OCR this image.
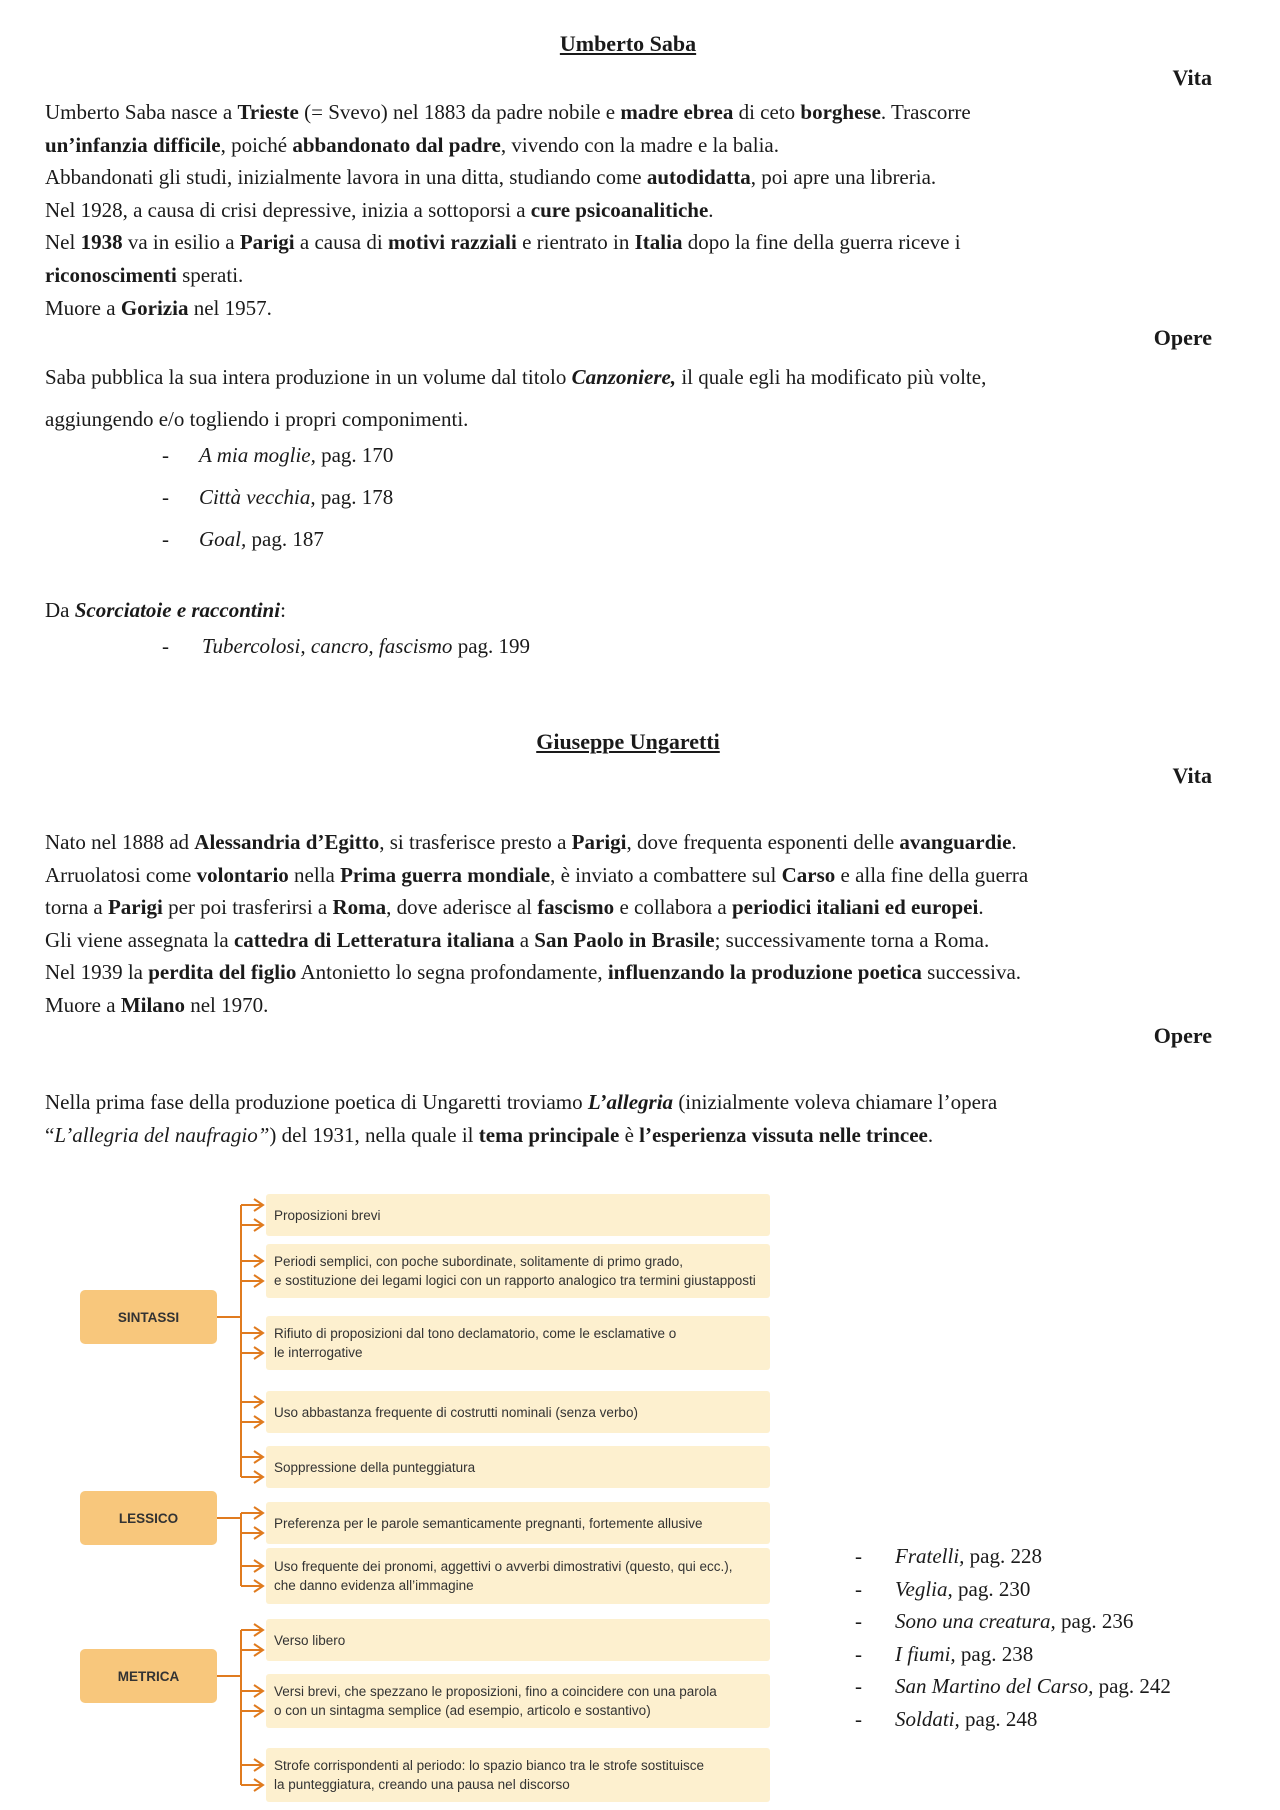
Umberto Saba
Vita

Umberto Saba nasce a Trieste (= Svevo) nel 1883 da padre nobile e madre ebrea di ceto borghese. Trascorre

un’infanzia difficile, poiché abbandonato dal padre, vivendo con la madre e la balia.

Abbandonati gli studi, inizialmente lavora in una ditta, studiando come autodidatta, poi apre una libreria.

Nel 1928, a causa di crisi depressive, inizia a sottoporsi a cure psicoanalitiche.

Nel 1938 va in esilio a Parigi a causa di motivi razziali e rientrato in Italia dopo la fine della guerra riceve i

riconoscimenti sperati.

Muore a Gorizia nel 1957.

Opere

Saba pubblica la sua intera produzione in un volume dal titolo Canzoniere, il quale egli ha modificato più volte,

aggiungendo e/o togliendo i propri componimenti.

- A mia moglie, pag. 170
- Città vecchia, pag. 178
- Goal, pag. 187
Da Scorciatoie e raccontini:
- Tubercolosi, cancro, fascismo pag. 199
Giuseppe Ungaretti
Vita

Nato nel 1888 ad Alessandria d’Egitto, si trasferisce presto a Parigi, dove frequenta esponenti delle avanguardie.

Arruolatosi come volontario nella Prima guerra mondiale, è inviato a combattere sul Carso e alla fine della guerra

torna a Parigi per poi trasferirsi a Roma, dove aderisce al fascismo e collabora a periodici italiani ed europei.

Gli viene assegnata la cattedra di Letteratura italiana a San Paolo in Brasile; successivamente torna a Roma.

Nel 1939 la perdita del figlio Antonietto lo segna profondamente, influenzando la produzione poetica successiva.

Muore a Milano nel 1970.

Opere

Nella prima fase della produzione poetica di Ungaretti troviamo L’allegria (inizialmente voleva chiamare l’opera

“L’allegria del naufragio”) del 1931, nella quale il tema principale è l’esperienza vissuta nelle trincee.

SINTASSI
LESSICO
METRICA
Proposizioni brevi
Periodi semplici, con poche subordinate, solitamente di primo grado,
e sostituzione dei legami logici con un rapporto analogico tra termini giustapposti
Rifiuto di proposizioni dal tono declamatorio, come le esclamative o
le interrogative
Uso abbastanza frequente di costrutti nominali (senza verbo)
Soppressione della punteggiatura
Preferenza per le parole semanticamente pregnanti, fortemente allusive
Uso frequente dei pronomi, aggettivi o avverbi dimostrativi (questo, qui ecc.),
che danno evidenza all’immagine
Verso libero
Versi brevi, che spezzano le proposizioni, fino a coincidere con una parola
o con un sintagma semplice (ad esempio, articolo e sostantivo)
Strofe corrispondenti al periodo: lo spazio bianco tra le strofe sostituisce
la punteggiatura, creando una pausa nel discorso
- Fratelli, pag. 228
- Veglia, pag. 230
- Sono una creatura, pag. 236
- I fiumi, pag. 238
- San Martino del Carso, pag. 242
- Soldati, pag. 248
